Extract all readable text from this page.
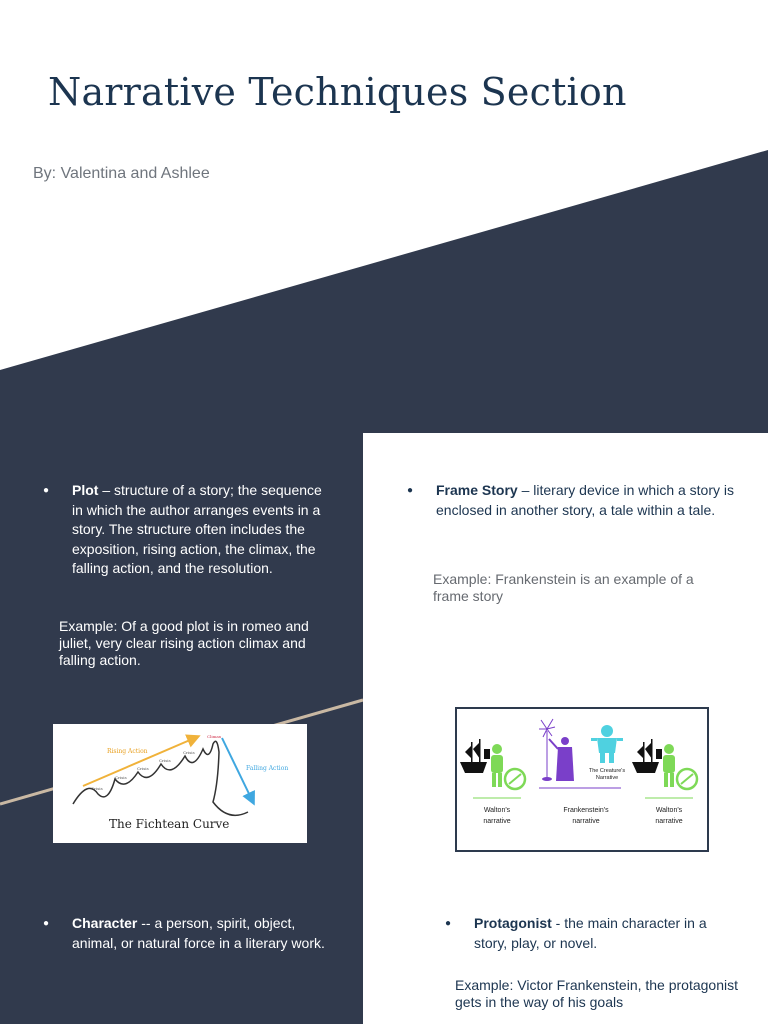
Narrative Techniques Section
By: Valentina and Ashlee
●	Plot – structure of a story; the sequence in which the author arranges events in a story. The structure often includes the exposition, rising action, the climax, the falling action, and the resolution.
Example: Of a good plot is in romeo and juliet, very clear rising action climax and falling action.
Rising Action
Falling Action
Climax
Crisis
Crisis
Crisis
Crisis
Crisis
The Fichtean Curve
●	Frame Story – literary device in which a story is enclosed in another story, a tale within a tale.
Example: Frankenstein is an example of a frame story
The Creature's
Narrative
Walton's
narrative
Frankenstein's
narrative
Walton's
narrative
●	Character -- a person, spirit, object, animal, or natural force in a literary work.
●	Protagonist - the main character in a story, play, or novel.
Example: Victor Frankenstein, the protagonist gets in the way of his goals
